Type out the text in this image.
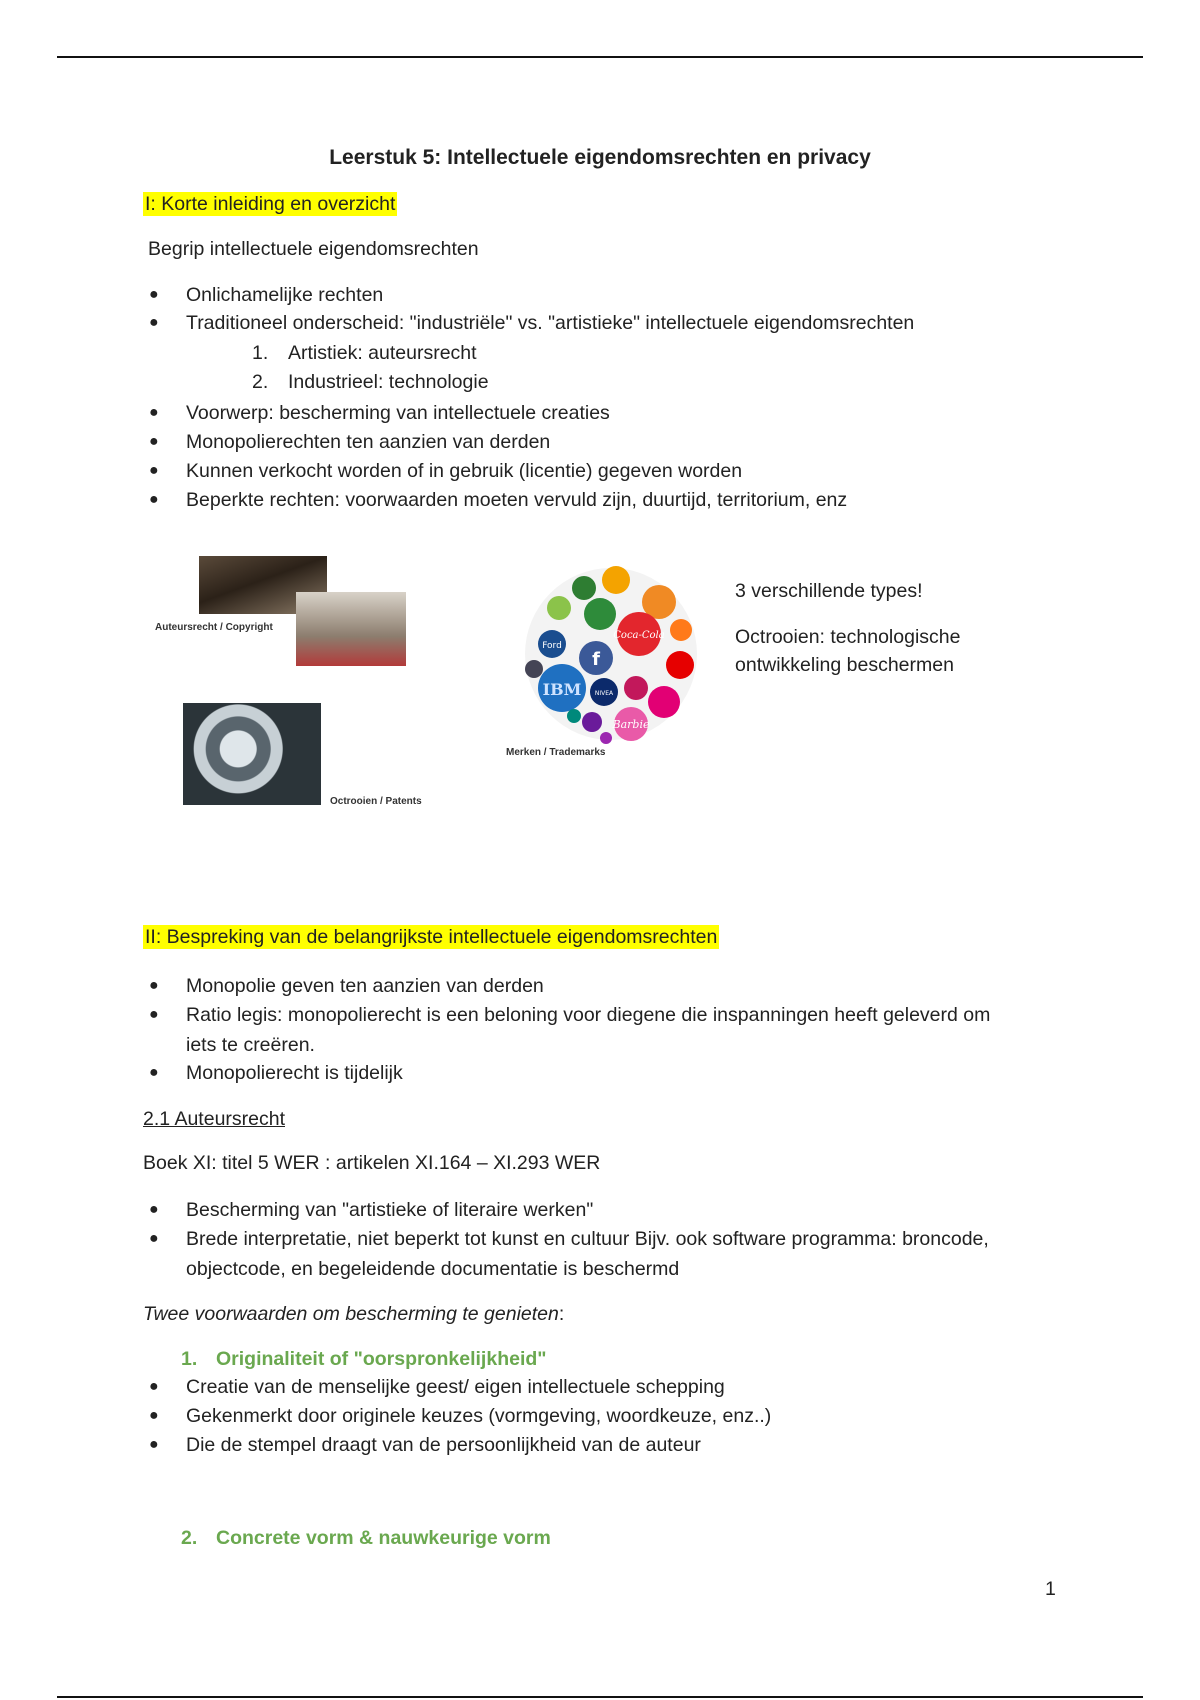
Leerstuk 5: Intellectuele eigendomsrechten en privacy
I: Korte inleiding en overzicht
Begrip intellectuele eigendomsrechten
● Onlichamelijke rechten
● Traditioneel onderscheid: "industriële" vs. "artistieke" intellectuele eigendomsrechten
1. Artistiek: auteursrecht
2. Industrieel: technologie
● Voorwerp: bescherming van intellectuele creaties
● Monopolierechten ten aanzien van derden
● Kunnen verkocht worden of in gebruik (licentie) gegeven worden
● Beperkte rechten: voorwaarden moeten vervuld zijn, duurtijd, territorium, enz
Auteursrecht / Copyright
Octrooien / Patents
Coca-Cola
Ford
f
IBM NIVEA
Barbie
Merken / Trademarks
3 verschillende types!
Octrooien: technologische
ontwikkeling beschermen
II: Bespreking van de belangrijkste intellectuele eigendomsrechten
● Monopolie geven ten aanzien van derden
● Ratio legis: monopolierecht is een beloning voor diegene die inspanningen heeft geleverd om
iets te creëren.
● Monopolierecht is tijdelijk
2.1 Auteursrecht
Boek XI: titel 5 WER : artikelen XI.164 – XI.293 WER
● Bescherming van "artistieke of literaire werken"
● Brede interpretatie, niet beperkt tot kunst en cultuur Bijv. ook software programma: broncode,
objectcode, en begeleidende documentatie is beschermd
Twee voorwaarden om bescherming te genieten:
1. Originaliteit of "oorspronkelijkheid"
● Creatie van de menselijke geest/ eigen intellectuele schepping
● Gekenmerkt door originele keuzes (vormgeving, woordkeuze, enz..)
● Die de stempel draagt van de persoonlijkheid van de auteur
2. Concrete vorm & nauwkeurige vorm
1
